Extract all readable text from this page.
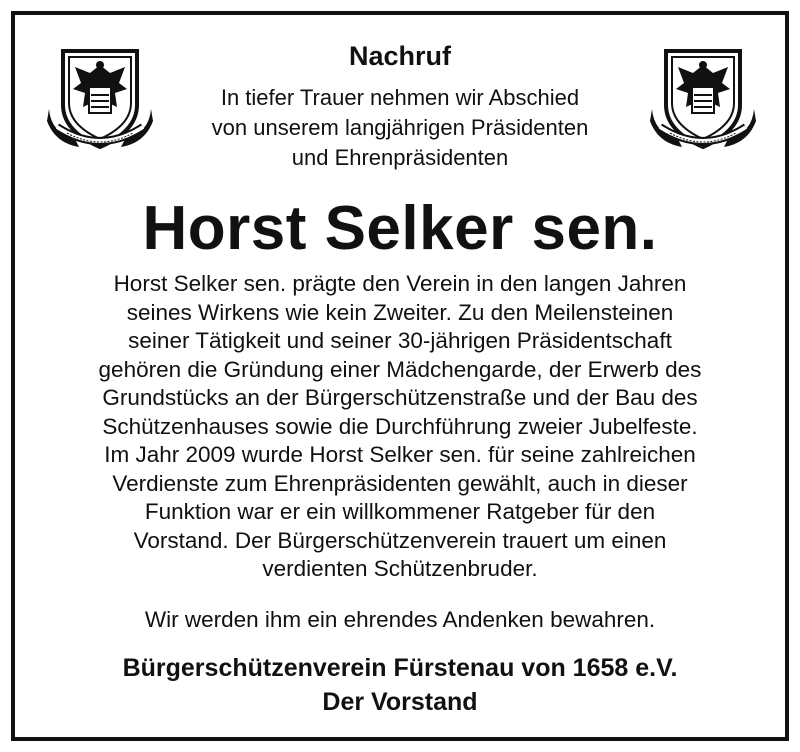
Nachruf
In tiefer Trauer nehmen wir Abschied
von unserem langjährigen Präsidenten
und Ehrenpräsidenten
Horst Selker sen.
Horst Selker sen. prägte den Verein in den langen Jahren
seines Wirkens wie kein Zweiter. Zu den Meilensteinen
seiner Tätigkeit und seiner 30-jährigen Präsidentschaft
gehören die Gründung einer Mädchengarde, der Erwerb des
Grundstücks an der Bürgerschützenstraße und der Bau des
Schützenhauses sowie die Durchführung zweier Jubelfeste.
Im Jahr 2009 wurde Horst Selker sen. für seine zahlreichen
Verdienste zum Ehrenpräsidenten gewählt, auch in dieser
Funktion war er ein willkommener Ratgeber für den
Vorstand. Der Bürgerschützenverein trauert um einen
verdienten Schützenbruder.
Wir werden ihm ein ehrendes Andenken bewahren.
Bürgerschützenverein Fürstenau von 1658 e.V.
Der Vorstand
